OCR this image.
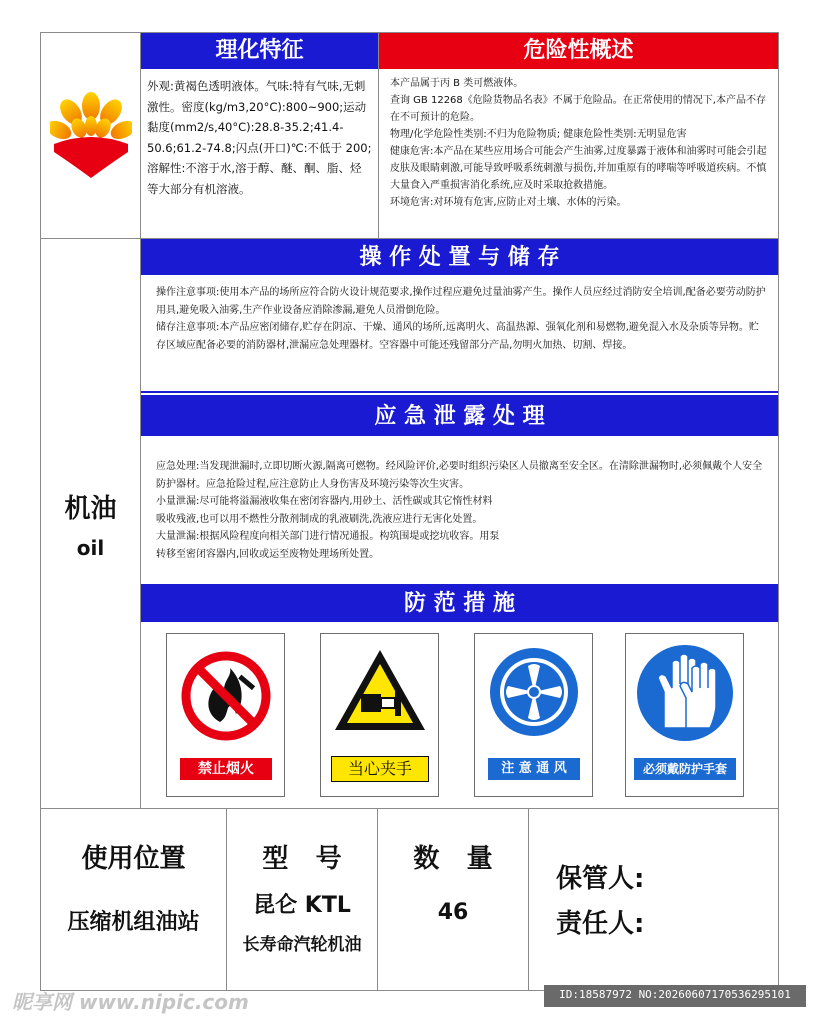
机油
oil
理化特征	危险性概述
外观:黄褐色透明液体。气味:特有气味,无刺激性。密度(kg/m3,20°C):800~900;运动黏度(mm2/s,40°C):28.8-35.2;41.4-50.6;61.2-74.8;闪点(开口)℃:不低于 200;溶解性:不溶于水,溶于醇、醚、酮、脂、烃等大部分有机溶液。
本产品属于丙 B 类可燃液体。
查询 GB 12268《危险货物品名表》不属于危险品。在正常使用的情况下,本产品不存在不可预计的危险。
物理/化学危险性类别:不归为危险物质; 健康危险性类别:无明显危害
健康危害:本产品在某些应用场合可能会产生油雾,过度暴露于液体和油雾时可能会引起皮肤及眼睛刺激,可能导致呼吸系统刺激与损伤,并加重原有的哮喘等呼吸道疾病。不慎大量食入严重损害消化系统,应及时采取抢救措施。
环境危害:对环境有危害,应防止对土壤、水体的污染。
操 作 处 置 与 储 存
操作注意事项:使用本产品的场所应符合防火设计规范要求,操作过程应避免过量油雾产生。操作人员应经过消防安全培训,配备必要劳动防护用具,避免吸入油雾,生产作业设备应消除渗漏,避免人员滑倒危险。
储存注意事项:本产品应密闭储存,贮存在阴凉、干燥、通风的场所,远离明火、高温热源、强氧化剂和易燃物,避免混入水及杂质等异物。贮存区域应配备必要的消防器材,泄漏应急处理器材。空容器中可能还残留部分产品,勿明火加热、切割、焊接。
应 急 泄 露 处 理
应急处理:当发现泄漏时,立即切断火源,隔离可燃物。经风险评价,必要时组织污染区人员撤离至安全区。在清除泄漏物时,必须佩戴个人安全防护器材。应急抢险过程,应注意防止人身伤害及环境污染等次生灾害。
小量泄漏:尽可能将溢漏液收集在密闭容器内,用砂土、活性碳或其它惰性材料
吸收残液,也可以用不燃性分散剂制成的乳液刷洗,洗液应进行无害化处置。
大量泄漏:根据风险程度向相关部门进行情况通报。构筑围堤或挖坑收容。用泵
转移至密闭容器内,回收或运至废物处理场所处置。
防 范 措 施
禁止烟火	当心夹手	注 意 通 风	必须戴防护手套
使用位置
压缩机组油站
型   号
昆仑 KTL
长寿命汽轮机油
数   量
46
保管人:
责任人:
昵享网 www.nipic.com	ID:18587972 NO:20260607170536295101
